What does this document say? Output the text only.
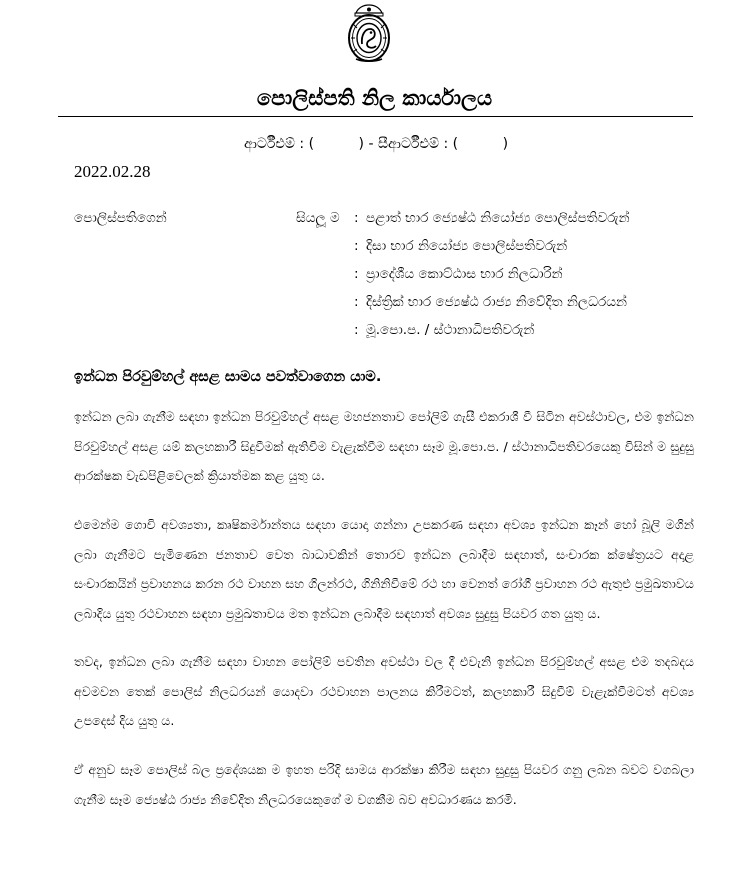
පොලිස්පති නිල කාර්යාලය
ආර්ටීඑම් : (          ) - සීආර්ටීඑම් : (          )
2022.02.28
පොලිස්පතිගෙන්	සියලූ ම : පළාත් භාර ජ්‍යෙෂ්ඨ නියෝජ්‍ය පොලිස්පතිවරුන්
: දිසා භාර නියෝජ්‍ය පොලිස්පතිවරුන්
: ප්‍රාදේශීය කොට්ඨාස භාර නිලධාරින්
: දිස්ත්‍රික් භාර ජ්‍යෙෂ්ඨ රාජ්‍ය නිවේදිත නිලධරයන්
: මූ.පො.ප. / ස්ථානාධිපතිවරුන්
ඉන්ධන පිරවුම්හල් අසළ සාමය පවත්වාගෙන යාම.
ඉන්ධන ලබා ගැනීම සඳහා ඉන්ධන පිරවුම්හල් අසළ මහජනතාව පෝලිම් ගැසී එකරාශී වී සිටින අවස්ථාවල, එම ඉන්ධන පිරවුම්හල් අසළ යම් කලහකාරී සිදුවීමක් ඇතිවීම වැළැක්වීම සඳහා සෑම මූ.පො.ප. / ස්ථානාධිපතිවරයෙකු විසින් ම සුදුසු ආරක්ෂක වැඩපිළිවෙලක් ක්‍රියාත්මක කළ යුතු ය.
එමෙන්ම ගොවි අවශ්‍යතා, කෘෂිකර්මාන්තය සඳහා යොදා ගන්නා උපකරණ සඳහා අවශ්‍ය ඉන්ධන කෑන් හෝ බූලි මගින් ලබා ගැනීමට පැමිණෙන ජනතාව වෙත බාධාවකින් තොරව ඉන්ධන ලබාදීම සඳහාත්, සංචාරක ක්ෂේත්‍රයට අදාළ සංචාරකයින් ප්‍රවාහනය කරන රථ වාහන සහ ගිලන්රථ, ගිනිනිවීමේ රථ හා වෙනත් රෝගී ප්‍රවාහන රථ ඇතුළු ප්‍රමුඛතාවය ලබාදිය යුතු රථවාහන සඳහා ප්‍රමුඛතාවය මත ඉන්ධන ලබාදීම සඳහාත් අවශ්‍ය සුදුසු පියවර ගත යුතු ය.
තවද, ඉන්ධන ලබා ගැනීම සඳහා වාහන පෝලිම් පවතින අවස්ථා වල දී එවැනි ඉන්ධන පිරවුම්හල් අසළ එම තදබදය අවමවන තෙක් පොලිස් නිලධරයන් යොදවා රථවාහන පාලනය කිරීමටත්, කලහකාරී සිදුවීම් වැළැක්වීමටත් අවශ්‍ය උපදෙස් දිය යුතු ය.
ඒ අනුව සෑම පොලිස් බල ප්‍රදේශයක ම ඉහත පරිදි සාමය ආරක්ෂා කිරීම සඳහා සුදුසු පියවර ගනු ලබන බවට වගබලා ගැනීම සෑම ජ්‍යෙෂ්ඨ රාජ්‍ය නිවේදිත නිලධරයෙකුගේ ම වගකීම බව අවධාරණය කරමි.
